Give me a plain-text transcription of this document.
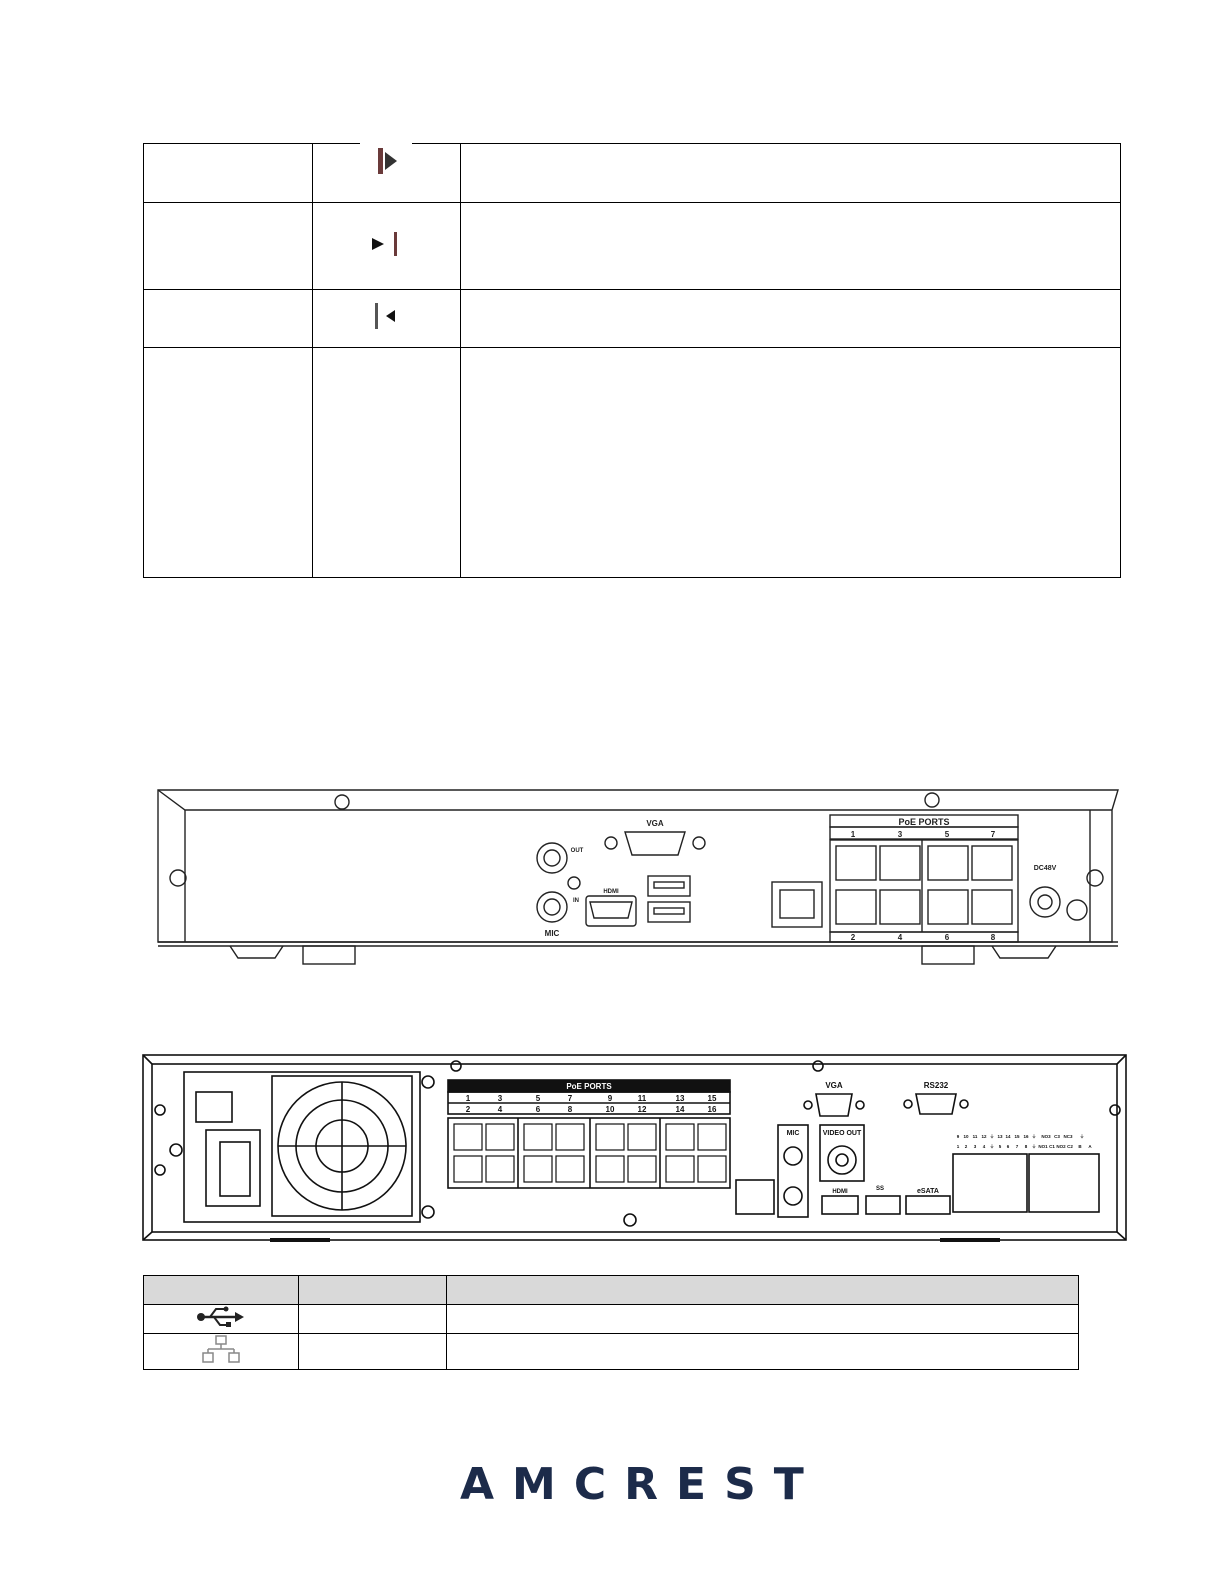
VGA	PoE PORTS
1	3	5	7
2	4	6	8
OUT
IN
MIC
HDMI
DC48V
PoE PORTS
1	3	5	7	9	11	13	15
2	4	6	8	10	12	14	16
VGA	RS232
MIC	VIDEO OUT
HDMI	SS	eSATA
9 10 11 12 ⏚ 13 14 15 16 ⏚ NO3 C3 NC3 ⏚
1 2 3 4 ⏚ 5 6 7 8 ⏚ NO1 C1 NO2 C2 B A

AMCREST
